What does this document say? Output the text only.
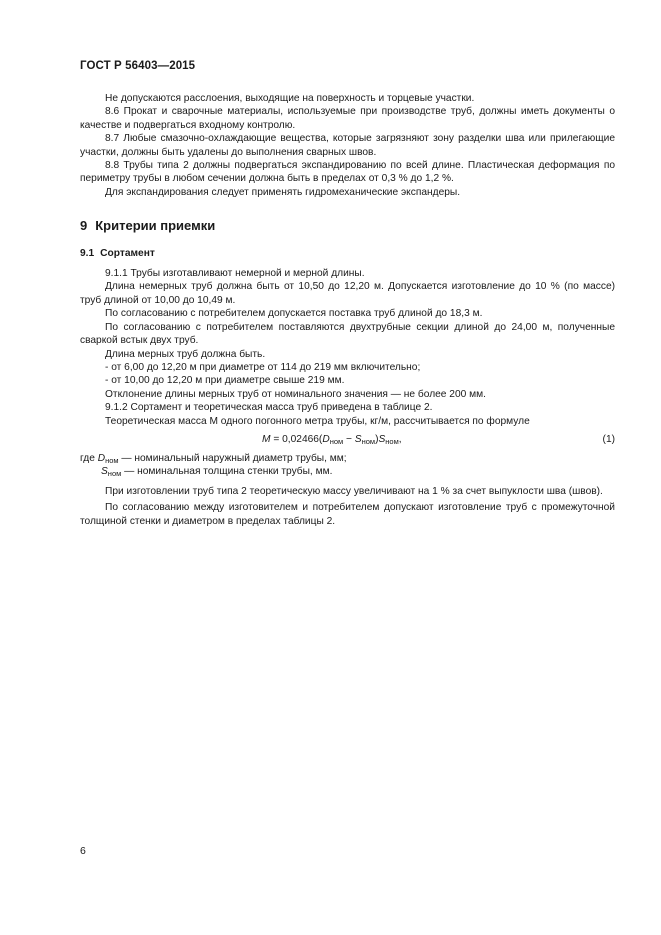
ГОСТ Р 56403—2015

Не допускаются расслоения, выходящие на поверхность и торцевые участки.

8.6 Прокат и сварочные материалы, используемые при производстве труб, должны иметь документы о качестве и подвергаться входному контролю.

8.7 Любые смазочно-охлаждающие вещества, которые загрязняют зону разделки шва или прилегающие участки, должны быть удалены до выполнения сварных швов.

8.8 Трубы типа 2 должны подвергаться экспандированию по всей длине. Пластическая деформация по периметру трубы в любом сечении должна быть в пределах от 0,3 % до 1,2 %.

Для экспандирования следует применять гидромеханические экспандеры.

9 Критерии приемки

9.1 Сортамент

9.1.1 Трубы изготавливают немерной и мерной длины.

Длина немерных труб должна быть от 10,50 до 12,20 м. Допускается изготовление до 10 % (по массе) труб длиной от 10,00 до 10,49 м.

По согласованию с потребителем допускается поставка труб длиной до 18,3 м.

По согласованию с потребителем поставляются двухтрубные секции длиной до 24,00 м, полученные сваркой встык двух труб.

Длина мерных труб должна быть.

- от 6,00 до 12,20 м при диаметре от 114 до 219 мм включительно;

- от 10,00 до 12,20 м при диаметре свыше 219 мм.

Отклонение длины мерных труб от номинального значения — не более 200 мм.

9.1.2 Сортамент и теоретическая масса труб приведена в таблице 2.

Теоретическая масса М одного погонного метра трубы, кг/м, рассчитывается по формуле

$M = 0,02466(D_{ном} - S_{ном})S_{ном}$,	(1)

где $D_{ном}$ — номинальный наружный диаметр трубы, мм;

$S_{ном}$ — номинальная толщина стенки трубы, мм.

При изготовлении труб типа 2 теоретическую массу увеличивают на 1 % за счет выпуклости шва (швов).

По согласованию между изготовителем и потребителем допускают изготовление труб с промежуточной толщиной стенки и диаметром в пределах таблицы 2.

6
